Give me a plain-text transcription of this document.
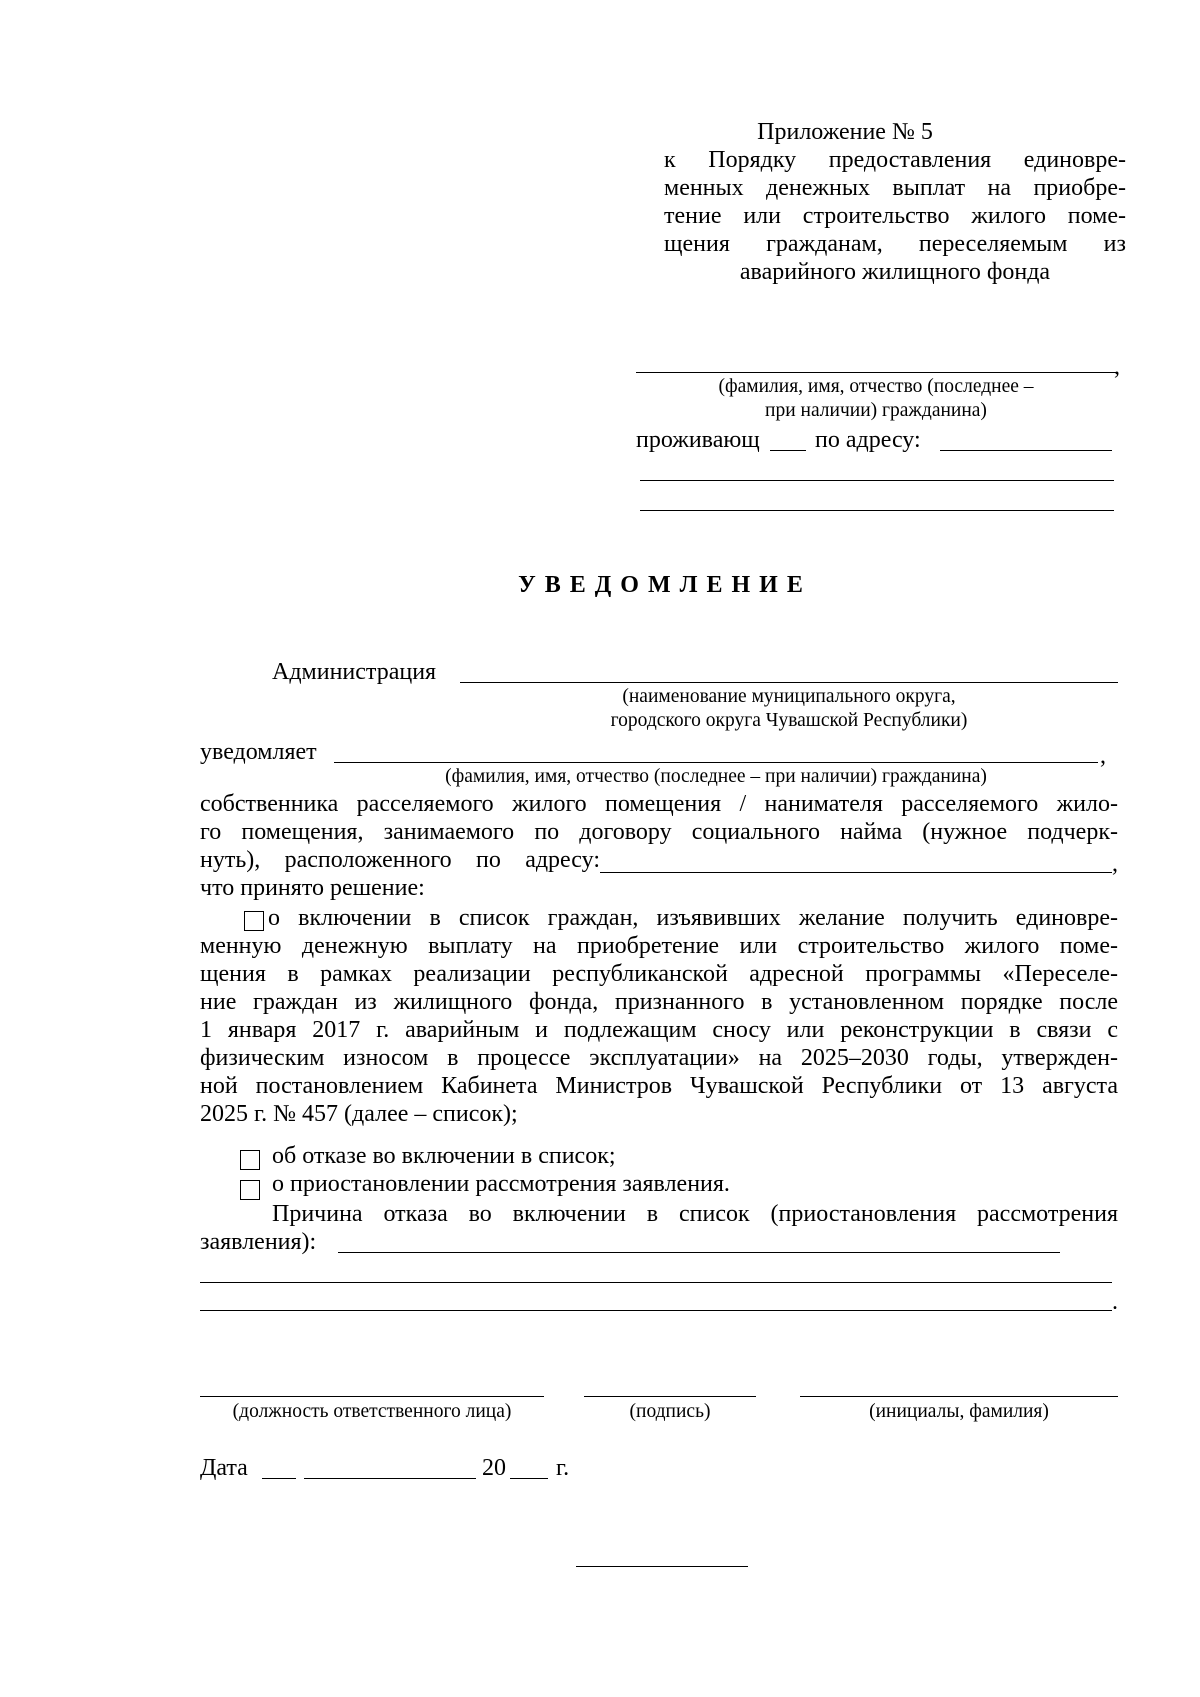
Приложение № 5
к Порядку предоставления единовре-
менных денежных выплат на приобре-
тение или строительство жилого поме-
щения гражданам, переселяемым из
аварийного жилищного фонда
,
(фамилия, имя, отчество (последнее –
при наличии) гражданина)
проживающ по адресу:
УВЕДОМЛЕНИЕ
Администрация
(наименование муниципального округа,
городского округа Чувашской Республики)
уведомляет	,
(фамилия, имя, отчество (последнее – при наличии) гражданина)
собственника расселяемого жилого помещения / нанимателя расселяемого жило-
го помещения, занимаемого по договору социального найма (нужное подчерк-
нуть), расположенного по адресу:	,
что принято решение:
о включении в список граждан, изъявивших желание получить единовре-
менную денежную выплату на приобретение или строительство жилого поме-
щения в рамках реализации республиканской адресной программы «Переселе-
ние граждан из жилищного фонда, признанного в установленном порядке после
1 января 2017 г. аварийным и подлежащим сносу или реконструкции в связи с
физическим износом в процессе эксплуатации» на 2025–2030 годы, утвержден-
ной постановлением Кабинета Министров Чувашской Республики от 13 августа
2025 г. № 457 (далее – список);
об отказе во включении в список;
о приостановлении рассмотрения заявления.
Причина отказа во включении в список (приостановления рассмотрения
заявления):
.
(должность ответственного лица)	(подпись)	(инициалы, фамилия)
Дата	20 г.
